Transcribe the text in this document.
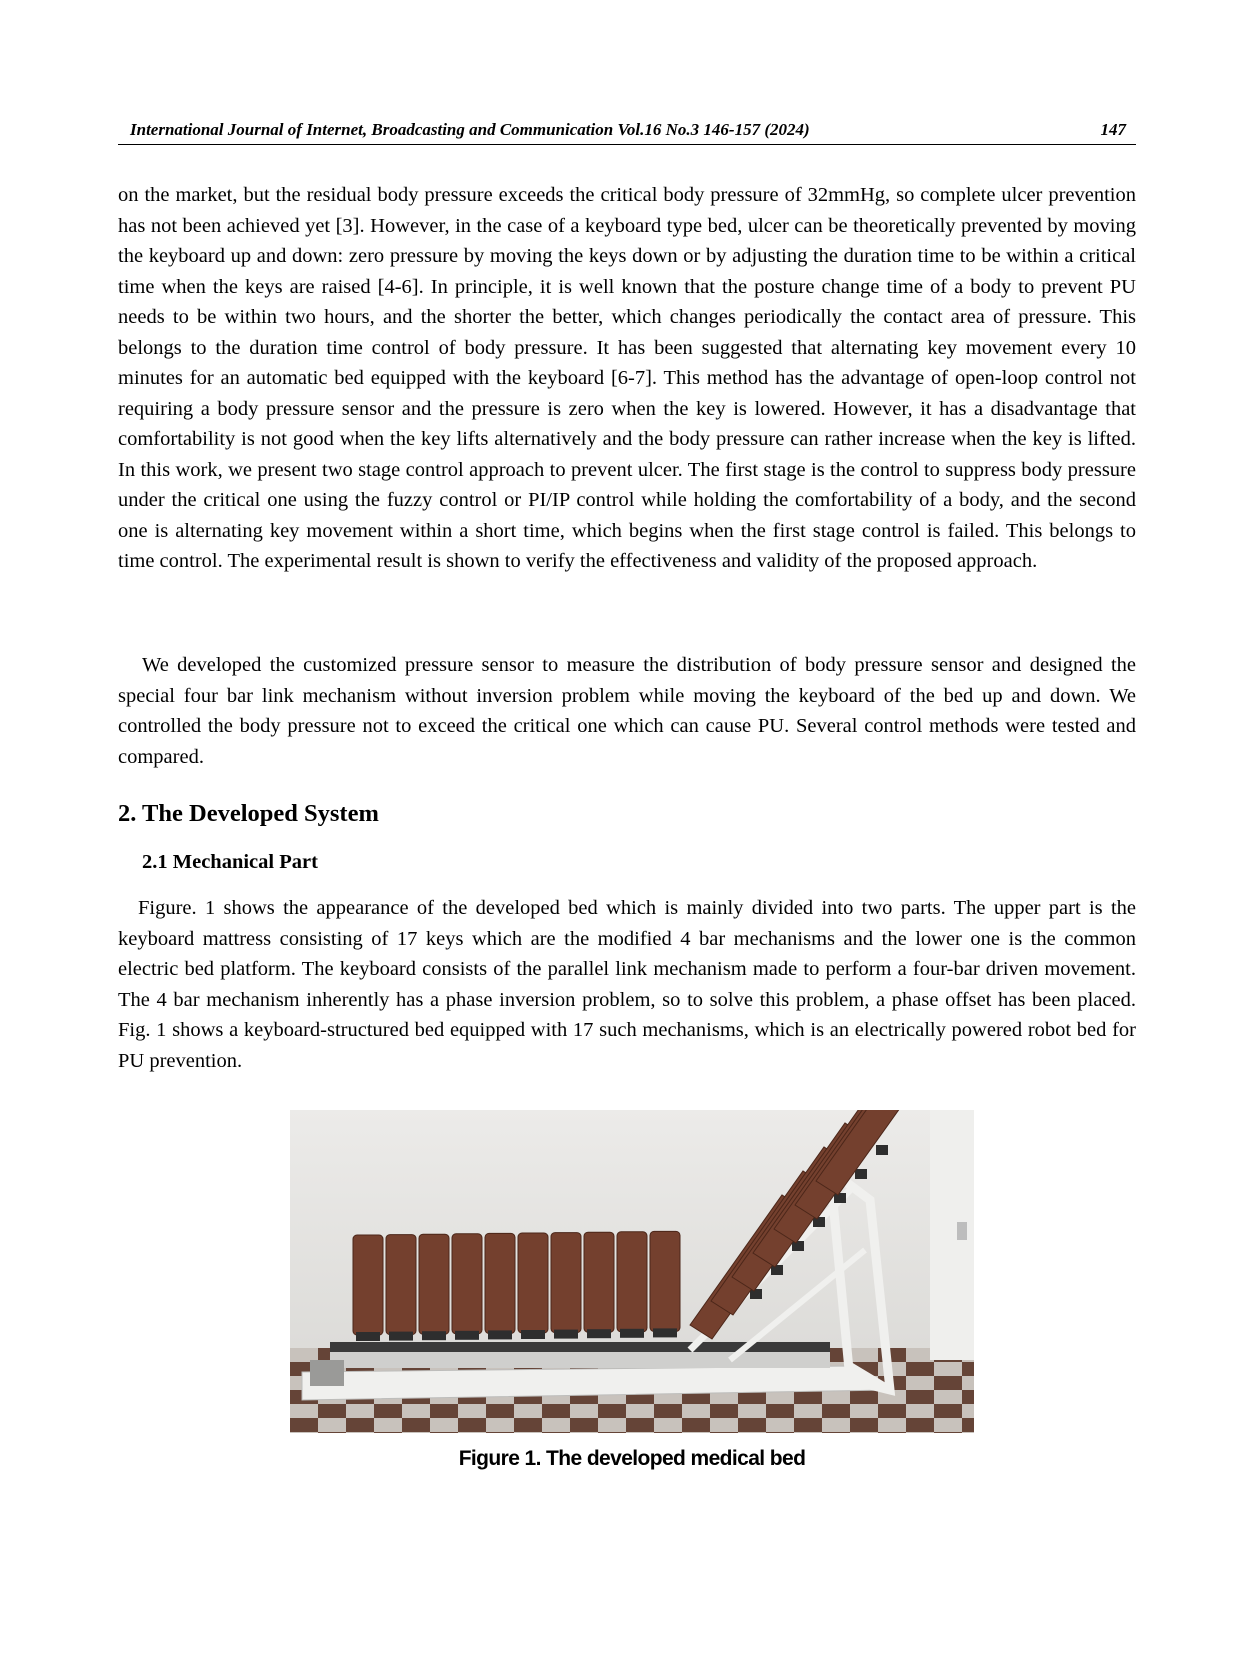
International Journal of Internet, Broadcasting and Communication Vol.16 No.3 146-157 (2024)	147

on the market, but the residual body pressure exceeds the critical body pressure of 32mmHg, so complete ulcer prevention has not been achieved yet [3]. However, in the case of a keyboard type bed, ulcer can be theoretically prevented by moving the keyboard up and down: zero pressure by moving the keys down or by adjusting the duration time to be within a critical time when the keys are raised [4-6]. In principle, it is well known that the posture change time of a body to prevent PU needs to be within two hours, and the shorter the better, which changes periodically the contact area of pressure. This belongs to the duration time control of body pressure. It has been suggested that alternating key movement every 10 minutes for an automatic bed equipped with the keyboard [6-7]. This method has the advantage of open-loop control not requiring a body pressure sensor and the pressure is zero when the key is lowered. However, it has a disadvantage that comfortability is not good when the key lifts alternatively and the body pressure can rather increase when the key is lifted. In this work, we present two stage control approach to prevent ulcer. The first stage is the control to suppress body pressure under the critical one using the fuzzy control or PI/IP control while holding the comfortability of a body, and the second one is alternating key movement within a short time, which begins when the first stage control is failed. This belongs to time control. The experimental result is shown to verify the effectiveness and validity of the proposed approach.

We developed the customized pressure sensor to measure the distribution of body pressure sensor and designed the special four bar link mechanism without inversion problem while moving the keyboard of the bed up and down. We controlled the body pressure not to exceed the critical one which can cause PU. Several control methods were tested and compared.

2. The Developed System
2.1 Mechanical Part

Figure. 1 shows the appearance of the developed bed which is mainly divided into two parts. The upper part is the keyboard mattress consisting of 17 keys which are the modified 4 bar mechanisms and the lower one is the common electric bed platform. The keyboard consists of the parallel link mechanism made to perform a four-bar driven movement. The 4 bar mechanism inherently has a phase inversion problem, so to solve this problem, a phase offset has been placed. Fig. 1 shows a keyboard-structured bed equipped with 17 such mechanisms, which is an electrically powered robot bed for PU prevention.

Figure 1. The developed medical bed
